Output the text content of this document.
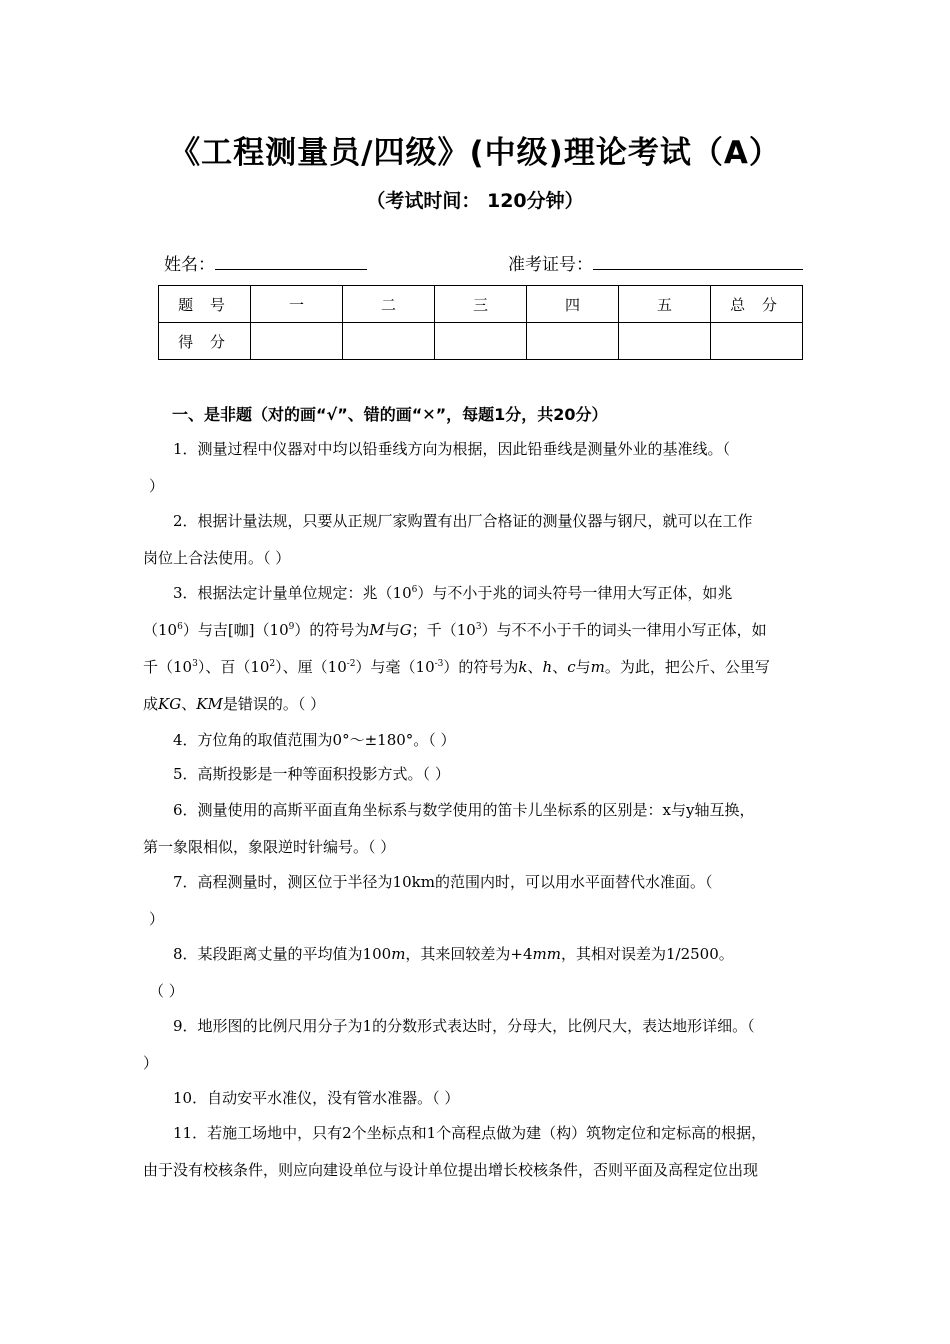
《工程测量员/四级》(中级)理论考试（A）
（考试时间： 120分钟）
姓名：	准考证号：
题 号	一	二	三	四	五	总 分
得 分						
一、是非题（对的画“√”、错的画“✕”，每题1分，共20分）
1．测量过程中仪器对中均以铅垂线方向为根据，因此铅垂线是测量外业的基准线。（
）
2．根据计量法规，只要从正规厂家购置有出厂合格证的测量仪器与钢尺，就可以在工作
岗位上合法使用。（ ）
3．根据法定计量单位规定：兆$(10^6)$与不小于兆的词头符号一律用大写正体，如兆
$(10^6)$与吉[咖]$(10^9)$的符号为M与G；千$(10^3)$与不不小于千的词头一律用小写正体，如
千$(10^3)$、百$(10^2)$、厘$(10^{-2})$与毫$(10^{-3})$的符号为k、h、c与m。为此，把公斤、公里写
成KG、KM是错误的。（ ）
4．方位角的取值范围为0°～±180°。（ ）
5．高斯投影是一种等面积投影方式。（ ）
6．测量使用的高斯平面直角坐标系与数学使用的笛卡儿坐标系的区别是：x与y轴互换，
第一象限相似，象限逆时针编号。（ ）
7．高程测量时，测区位于半径为10km的范围内时，可以用水平面替代水准面。（
）
8．某段距离丈量的平均值为100m，其来回较差为+4mm，其相对误差为1/2500。
（ ）
9．地形图的比例尺用分子为1的分数形式表达时，分母大，比例尺大，表达地形详细。（
）
10．自动安平水准仪，没有管水准器。（ ）
11．若施工场地中，只有2个坐标点和1个高程点做为建（构）筑物定位和定标高的根据，
由于没有校核条件，则应向建设单位与设计单位提出增长校核条件，否则平面及高程定位出现
